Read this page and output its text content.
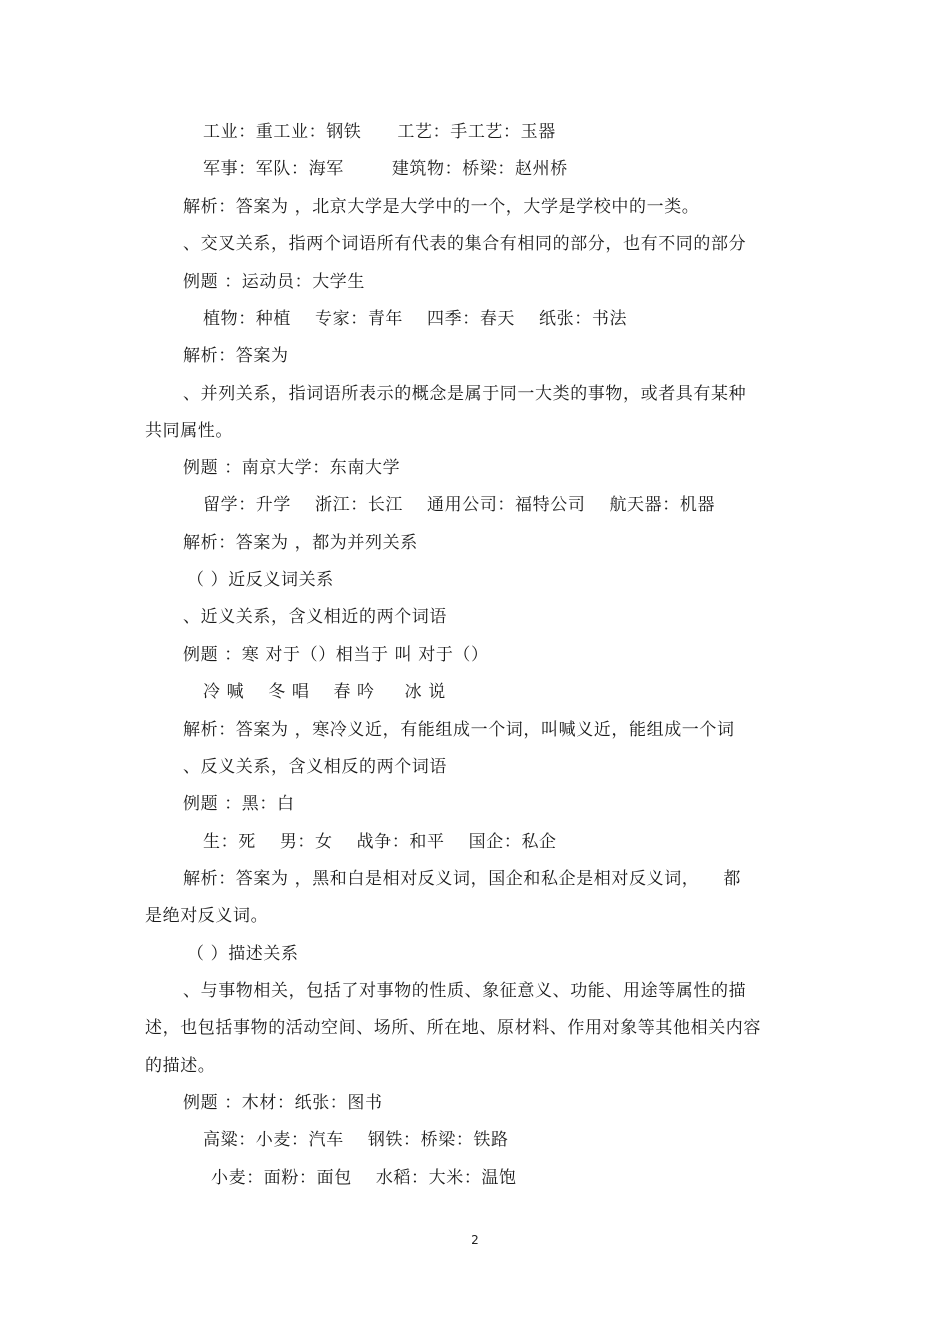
工业：重工业：钢铁      工艺：手工艺：玉器
军事：军队：海军        建筑物：桥梁：赵州桥
解析：答案为 ，北京大学是大学中的一个，大学是学校中的一类。
、交叉关系，指两个词语所有代表的集合有相同的部分，也有不同的部分
例题 ：运动员：大学生
植物：种植    专家：青年    四季：春天    纸张：书法
解析：答案为
、并列关系，指词语所表示的概念是属于同一大类的事物，或者具有某种
共同属性。
例题 ：南京大学：东南大学
留学：升学    浙江：长江    通用公司：福特公司    航天器：机器
解析：答案为 ，都为并列关系
（ ）近反义词关系
、近义关系，含义相近的两个词语
例题 ：寒 对于（）相当于 叫 对于（）
冷 喊    冬 唱    春 吟     冰 说
解析：答案为 ，寒冷义近，有能组成一个词，叫喊义近，能组成一个词
、反义关系，含义相反的两个词语
例题 ：黑：白
生：死    男：女    战争：和平    国企：私企
解析：答案为 ，黑和白是相对反义词，国企和私企是相对反义词，    都
是绝对反义词。
（ ）描述关系
、与事物相关，包括了对事物的性质、象征意义、功能、用途等属性的描
述，也包括事物的活动空间、场所、所在地、原材料、作用对象等其他相关内容
的描述。
例题 ：木材：纸张：图书
高粱：小麦：汽车    钢铁：桥梁：铁路
小麦：面粉：面包    水稻：大米：温饱
2
